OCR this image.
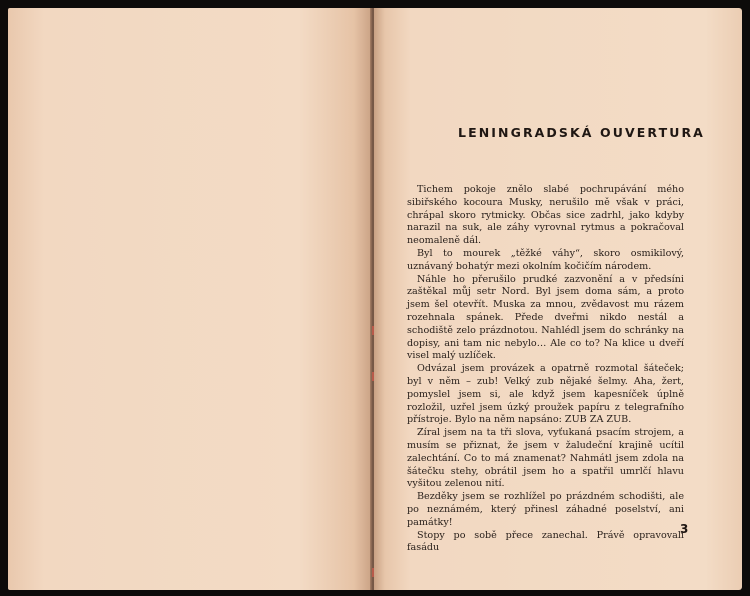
LENINGRADSKÁ OUVERTURA

Tichem pokoje znělo slabé pochrupávání mého sibiřského kocoura Musky, nerušilo mě však v práci, chrápal skoro rytmicky. Občas sice zadrhl, jako kdyby narazil na suk, ale záhy vyrovnal rytmus a pokračoval neomaleně dál.

Byl to mourek „těžké váhy“, skoro osmikilový, uznávaný bohatýr mezi okolním kočičím národem.

Náhle ho přerušilo prudké zazvonění a v předsíni zaštěkal můj setr Nord. Byl jsem doma sám, a proto jsem šel otevřít. Muska za mnou, zvědavost mu rázem rozehnala spánek. Přede dveřmi nikdo nestál a schodiště zelo prázdnotou. Nahlédl jsem do schránky na dopisy, ani tam nic nebylo… Ale co to? Na klice u dveří visel malý uzlíček.

Odvázal jsem provázek a opatrně rozmotal šáteček; byl v něm – zub! Velký zub nějaké šelmy. Aha, žert, pomyslel jsem si, ale když jsem kapesníček úplně rozložil, uzřel jsem úzký proužek papíru z telegrafního přístroje. Bylo na něm napsáno: ZUB ZA ZUB.

Zíral jsem na ta tři slova, vyťukaná psacím strojem, a musím se přiznat, že jsem v žaludeční krajině ucítil zalechtání. Co to má znamenat? Nahmátl jsem zdola na šátečku stehy, obrátil jsem ho a spatřil umrlčí hlavu vyšitou zelenou nití.

Bezděky jsem se rozhlížel po prázdném schodišti, ale po neznámém, který přinesl záhadné poselství, ani památky!

Stopy po sobě přece zanechal. Právě opravovali fasádu

3
